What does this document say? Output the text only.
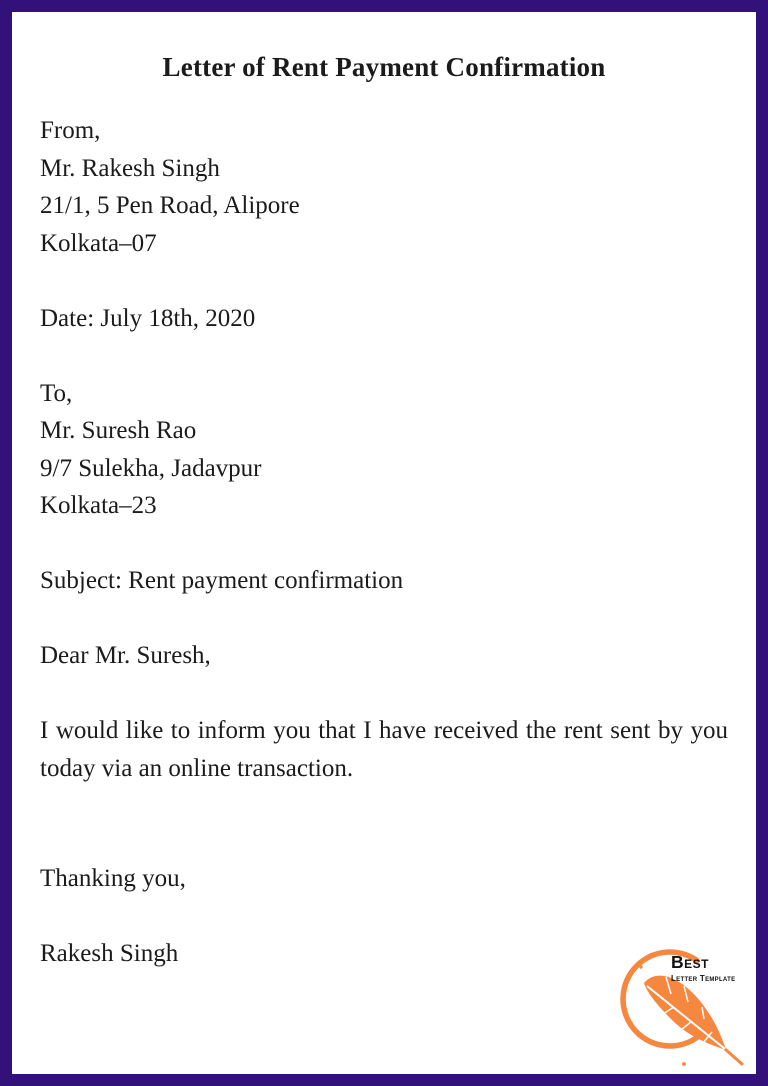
Letter of Rent Payment Confirmation
From,
Mr. Rakesh Singh
21/1, 5 Pen Road, Alipore
Kolkata–07
Date: July 18th, 2020
To,
Mr. Suresh Rao
9/7 Sulekha, Jadavpur
Kolkata–23
Subject: Rent payment confirmation
Dear Mr. Suresh,
I would like to inform you that I have received the rent sent by you today via an online transaction.
Thanking you,
Rakesh Singh	Best
Letter Template
